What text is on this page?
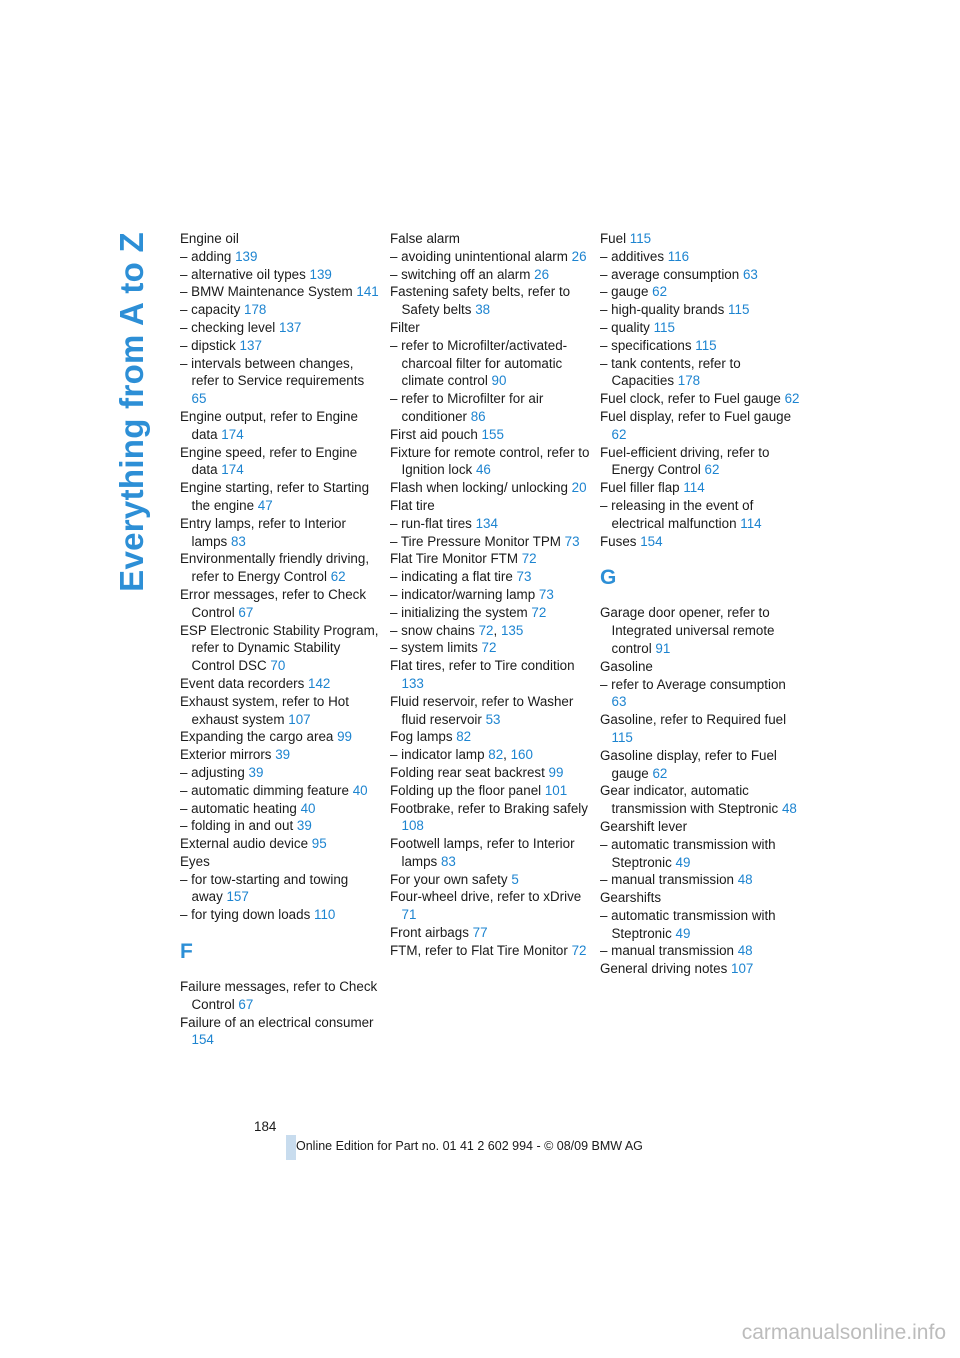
Everything from A to Z Engine oil
– adding 139
– alternative oil types 139
– BMW Maintenance System 141
– capacity 178
– checking level 137
– dipstick 137
– intervals between changes, refer to Service requirements 65
Engine output, refer to Engine data 174
Engine speed, refer to Engine data 174
Engine starting, refer to Starting the engine 47
Entry lamps, refer to Interior lamps 83
Environmentally friendly driving, refer to Energy Control 62
Error messages, refer to Check Control 67
ESP Electronic Stability Program, refer to Dynamic Stability Control DSC 70
Event data recorders 142
Exhaust system, refer to Hot exhaust system 107
Expanding the cargo area 99
Exterior mirrors 39
– adjusting 39
– automatic dimming feature 40
– automatic heating 40
– folding in and out 39
External audio device 95
Eyes
– for tow-starting and towing away 157
– for tying down loads 110
F
Failure messages, refer to Check Control 67
Failure of an electrical consumer 154
False alarm
– avoiding unintentional alarm 26
– switching off an alarm 26
Fastening safety belts, refer to Safety belts 38
Filter
– refer to Microfilter/activated-charcoal filter for automatic climate control 90
– refer to Microfilter for air conditioner 86
First aid pouch 155
Fixture for remote control, refer to Ignition lock 46
Flash when locking/ unlocking 20
Flat tire
– run-flat tires 134
– Tire Pressure Monitor TPM 73
Flat Tire Monitor FTM 72
– indicating a flat tire 73
– indicator/warning lamp 73
– initializing the system 72
– snow chains 72, 135
– system limits 72
Flat tires, refer to Tire condition 133
Fluid reservoir, refer to Washer fluid reservoir 53
Fog lamps 82
– indicator lamp 82, 160
Folding rear seat backrest 99
Folding up the floor panel 101
Footbrake, refer to Braking safely 108
Footwell lamps, refer to Interior lamps 83
For your own safety 5
Four-wheel drive, refer to xDrive 71
Front airbags 77
FTM, refer to Flat Tire Monitor 72
Fuel 115
– additives 116
– average consumption 63
– gauge 62
– high-quality brands 115
– quality 115
– specifications 115
– tank contents, refer to Capacities 178
Fuel clock, refer to Fuel gauge 62
Fuel display, refer to Fuel gauge 62
Fuel-efficient driving, refer to Energy Control 62
Fuel filler flap 114
– releasing in the event of electrical malfunction 114
Fuses 154
G
Garage door opener, refer to Integrated universal remote control 91
Gasoline
– refer to Average consumption 63
Gasoline, refer to Required fuel 115
Gasoline display, refer to Fuel gauge 62
Gear indicator, automatic transmission with Steptronic 48
Gearshift lever
– automatic transmission with Steptronic 49
– manual transmission 48
Gearshifts
– automatic transmission with Steptronic 49
– manual transmission 48
General driving notes 107
184
Online Edition for Part no. 01 41 2 602 994 - © 08/09 BMW AG
carmanualsonline.info
